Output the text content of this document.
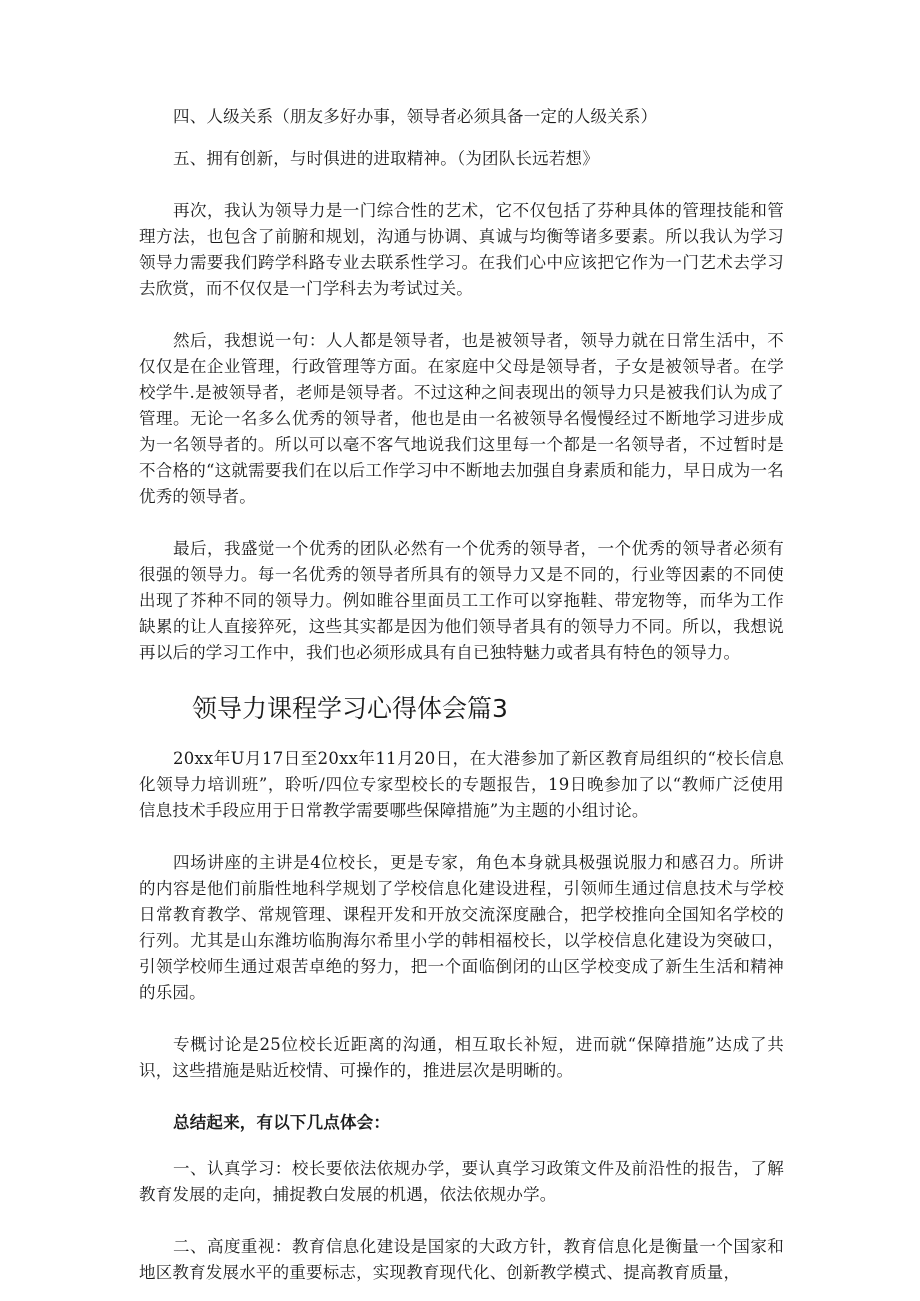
四、人级关系（朋友多好办事，领导者必须具备一定的人级关系）

五、拥有创新，与时俱进的进取精神。（为团队长远若想》

再次，我认为领导力是一门综合性的艺术，它不仅包括了芬种具体的管理技能和管理方法，也包含了前腑和规划，沟通与协调、真诚与均衡等诸多要素。所以我认为学习领导力需要我们跨学科路专业去联系性学习。在我们心中应该把它作为一门艺术去学习去欣赏，而不仅仅是一门学科去为考试过关。

然后，我想说一句：人人都是领导者，也是被领导者，领导力就在日常生活中，不仅仅是在企业管理，行政管理等方面。在家庭中父母是领导者，子女是被领导者。在学校学牛.是被领导者，老师是领导者。不过这种之间表现出的领导力只是被我们认为成了管理。无论一名多么优秀的领导者，他也是由一名被领导名慢慢经过不断地学习进步成为一名领导者的。所以可以毫不客气地说我们这里每一个都是一名领导者，不过暂时是不合格的“这就需要我们在以后工作学习中不断地去加强自身素质和能力，早日成为一名优秀的领导者。

最后，我盛觉一个优秀的团队必然有一个优秀的领导者，一个优秀的领导者必须有很强的领导力。每一名优秀的领导者所具有的领导力又是不同的，行业等因素的不同使出现了芥种不同的领导力。例如睢谷里面员工工作可以穿拖鞋、带宠物等，而华为工作缺累的让人直接猝死，这些其实都是因为他们领导者具有的领导力不同。所以，我想说再以后的学习工作中，我们也必须形成具有自已独特魅力或者具有特色的领导力。

领导力课程学习心得体会篇3

20xx年U月17日至20xx年11月20日，在大港参加了新区教育局组织的“校长信息化领导力培训班”，聆听/四位专家型校长的专题报告，19日晚参加了以“教师广泛使用信息技术手段应用于日常教学需要哪些保障措施”为主题的小组讨论。

四场讲座的主讲是4位校长，更是专家，角色本身就具极强说服力和感召力。所讲的内容是他们前脂性地科学规划了学校信息化建设进程，引领师生通过信息技术与学校日常教育教学、常规管理、课程开发和开放交流深度融合，把学校推向全国知名学校的行列。尤其是山东潍坊临朐海尔希里小学的韩相福校长，以学校信息化建设为突破口，引领学校师生通过艰苦卓绝的努力，把一个面临倒闭的山区学校变成了新生生活和精神的乐园。

专概讨论是25位校长近距离的沟通，相互取长补短，进而就“保障措施”达成了共识，这些措施是贴近校情、可操作的，推进层次是明晰的。

总结起来，有以下几点体会：

一、认真学习：校长要依法依规办学，要认真学习政策文件及前沿性的报告，了解教育发展的走向，捕捉教白发展的机遇，依法依规办学。

二、高度重视：教育信息化建设是国家的大政方针，教育信息化是衡量一个国家和地区教育发展水平的重要标志，实现教育现代化、创新教学模式、提高教育质量，
